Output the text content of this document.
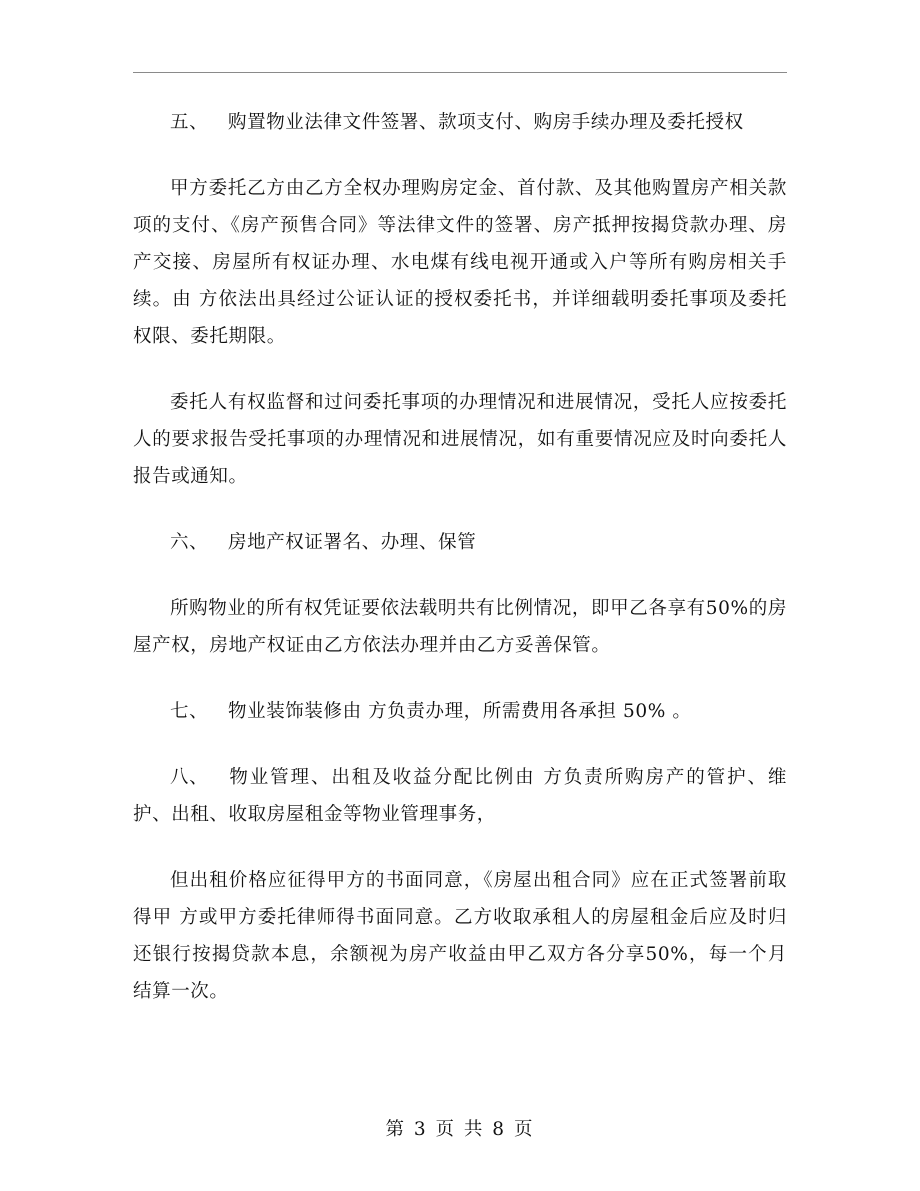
五、 购置物业法律文件签署、款项支付、购房手续办理及委托授权

甲方委托乙方由乙方全权办理购房定金、首付款、及其他购置房产相关款项的支付、《房产预售合同》等法律文件的签署、房产抵押按揭贷款办理、房产交接、房屋所有权证办理、水电煤有线电视开通或入户等所有购房相关手续。由 方依法出具经过公证认证的授权委托书，并详细载明委托事项及委托权限、委托期限。

委托人有权监督和过问委托事项的办理情况和进展情况，受托人应按委托人的要求报告受托事项的办理情况和进展情况，如有重要情况应及时向委托人报告或通知。

六、 房地产权证署名、办理、保管

所购物业的所有权凭证要依法载明共有比例情况，即甲乙各享有50%的房屋产权，房地产权证由乙方依法办理并由乙方妥善保管。

七、 物业装饰装修由 方负责办理，所需费用各承担 50% 。

八、 物业管理、出租及收益分配比例由 方负责所购房产的管护、维护、出租、收取房屋租金等物业管理事务，

但出租价格应征得甲方的书面同意，《房屋出租合同》应在正式签署前取得甲 方或甲方委托律师得书面同意。乙方收取承租人的房屋租金后应及时归还银行按揭贷款本息，余额视为房产收益由甲乙双方各分享50%，每一个月结算一次。

第 3 页 共 8 页
